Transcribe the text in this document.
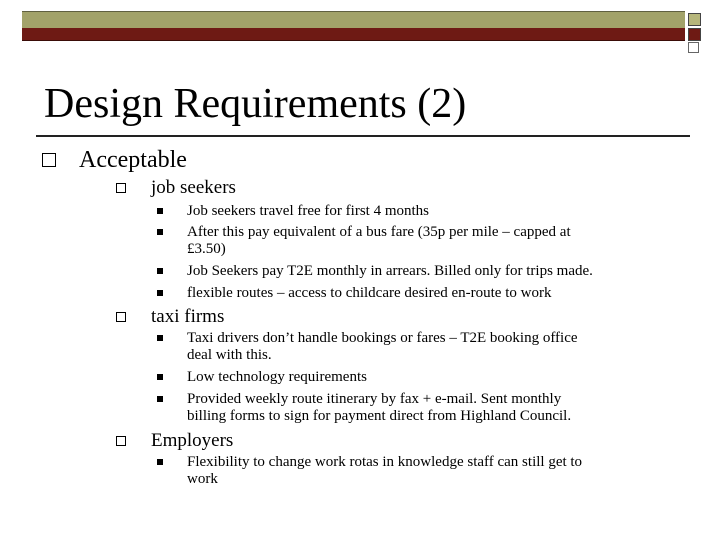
Design Requirements (2)
Acceptable
job seekers
Job seekers travel free for first 4 months
After this pay equivalent of a bus fare (35p per mile – capped at
£3.50)
Job Seekers pay T2E monthly in arrears. Billed only for trips made.
flexible routes – access to childcare desired en-route to work
taxi firms
Taxi drivers don’t handle bookings or fares – T2E booking office
deal with this.
Low technology requirements
Provided weekly route itinerary by fax + e-mail. Sent monthly
billing forms to sign for payment direct from Highland Council.
Employers
Flexibility to change work rotas in knowledge staff can still get to
work
